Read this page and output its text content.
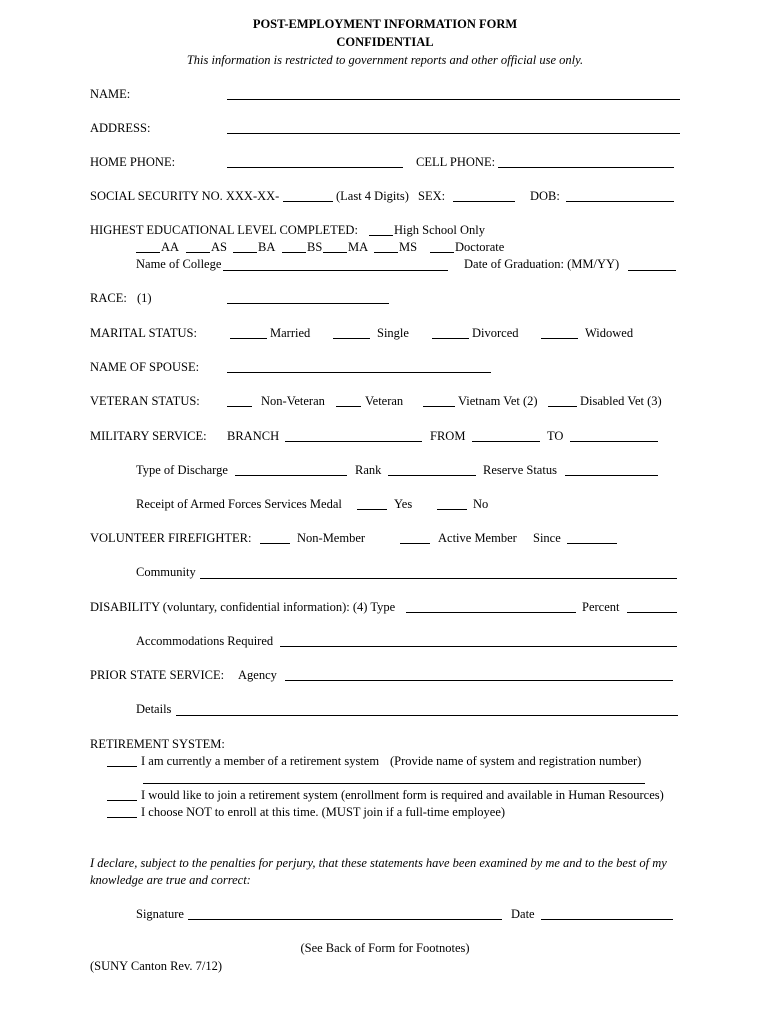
POST-EMPLOYMENT INFORMATION FORM
CONFIDENTIAL
This information is restricted to government reports and other official use only.
NAME:
ADDRESS:
HOME PHONE:	CELL PHONE:
SOCIAL SECURITY NO. XXX-XX-	(Last 4 Digits) SEX:	DOB:
HIGHEST EDUCATIONAL LEVEL COMPLETED:	High School Only
AA	AS BA	BS MA MS	Doctorate
Name of College	Date of Graduation: (MM/YY)
RACE: (1)
MARITAL STATUS:	Married	Single	Divorced	Widowed
NAME OF SPOUSE:
VETERAN STATUS:	Non-Veteran	Veteran	Vietnam Vet (2)	Disabled Vet (3)
MILITARY SERVICE: BRANCH	FROM	TO
Type of Discharge	Rank	Reserve Status
Receipt of Armed Forces Services Medal	Yes	No
VOLUNTEER FIREFIGHTER:	Non-Member	Active Member Since
Community
DISABILITY (voluntary, confidential information): (4) Type	Percent
Accommodations Required
PRIOR STATE SERVICE: Agency
Details
RETIREMENT SYSTEM:
I am currently a member of a retirement system (Provide name of system and registration number)
I would like to join a retirement system (enrollment form is required and available in Human Resources)
I choose NOT to enroll at this time. (MUST join if a full-time employee)
I declare, subject to the penalties for perjury, that these statements have been examined by me and to the best of my
knowledge are true and correct:
Signature	Date
(See Back of Form for Footnotes)
(SUNY Canton Rev. 7/12)
